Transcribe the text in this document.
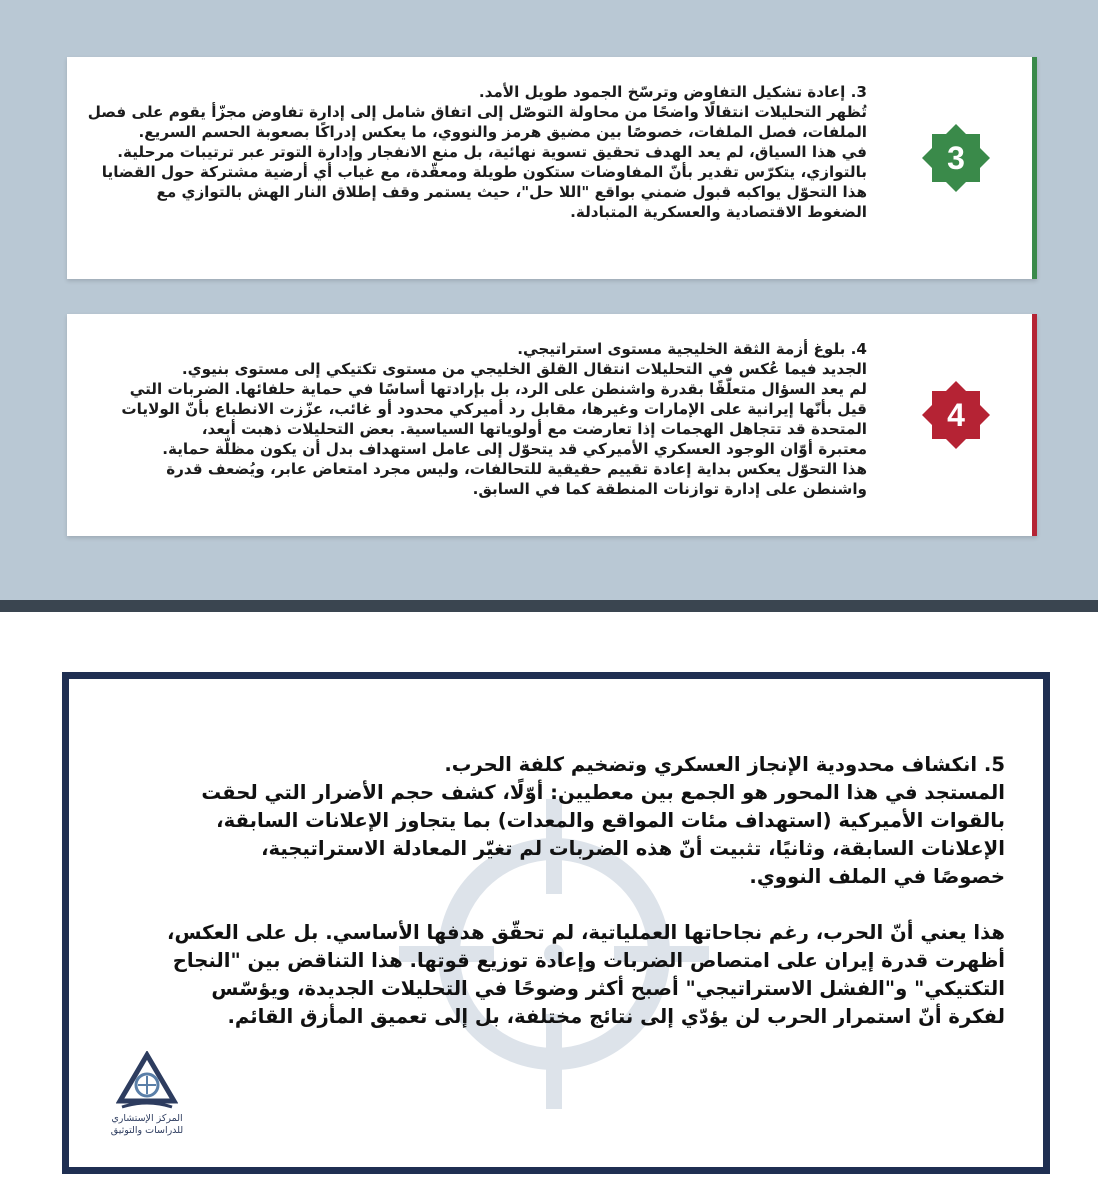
3

3. إعادة تشكيل التفاوض وترسّخ الجمود طويل الأمد.

تُظهر التحليلات انتقالًا واضحًا من محاولة التوصّل إلى اتفاق شامل إلى إدارة تفاوض مجزّأ يقوم على فصل

الملفات، فصل الملفات، خصوصًا بين مضيق هرمز والنووي، ما يعكس إدراكًا بصعوبة الحسم السريع.

في هذا السياق، لم يعد الهدف تحقيق تسوية نهائية، بل منع الانفجار وإدارة التوتر عبر ترتيبات مرحلية.

بالتوازي، يتكرّس تقدير بأنّ المفاوضات ستكون طويلة ومعقّدة، مع غياب أي أرضية مشتركة حول القضايا

هذا التحوّل يواكبه قبول ضمني بواقع "اللا حل"، حيث يستمر وقف إطلاق النار الهش بالتوازي مع

الضغوط الاقتصادية والعسكرية المتبادلة.

4

4. بلوغ أزمة الثقة الخليجية مستوى استراتيجي.

الجديد فيما عُكس في التحليلات انتقال القلق الخليجي من مستوى تكتيكي إلى مستوى بنيوي.

لم يعد السؤال متعلّقًا بقدرة واشنطن على الرد، بل بإرادتها أساسًا في حماية حلفائها. الضربات التي

قيل بأنّها إيرانية على الإمارات وغيرها، مقابل رد أميركي محدود أو غائب، عزّزت الانطباع بأنّ الولايات

المتحدة قد تتجاهل الهجمات إذا تعارضت مع أولوياتها السياسية. بعض التحليلات ذهبت أبعد،

معتبرة أوّان الوجود العسكري الأميركي قد يتحوّل إلى عامل استهداف بدل أن يكون مظلّة حماية.

هذا التحوّل يعكس بداية إعادة تقييم حقيقية للتحالفات، وليس مجرد امتعاض عابر، ويُضعف قدرة

واشنطن على إدارة توازنات المنطقة كما في السابق.

5. انكشاف محدودية الإنجاز العسكري وتضخيم كلفة الحرب.

المستجد في هذا المحور هو الجمع بين معطيين: أوّلًا، كشف حجم الأضرار التي لحقت

بالقوات الأميركية (استهداف مئات المواقع والمعدات) بما يتجاوز الإعلانات السابقة،

الإعلانات السابقة، وثانيًا، تثبيت أنّ هذه الضربات لم تغيّر المعادلة الاستراتيجية،

خصوصًا في الملف النووي.

هذا يعني أنّ الحرب، رغم نجاحاتها العملياتية، لم تحقّق هدفها الأساسي. بل على العكس،

أظهرت قدرة إيران على امتصاص الضربات وإعادة توزيع قوتها. هذا التناقض بين "النجاح

التكتيكي" و"الفشل الاستراتيجي" أصبح أكثر وضوحًا في التحليلات الجديدة، ويؤسّس

لفكرة أنّ استمرار الحرب لن يؤدّي إلى نتائج مختلفة، بل إلى تعميق المأزق القائم.

المركز الإستشاري
للدراسات والتوثيق
